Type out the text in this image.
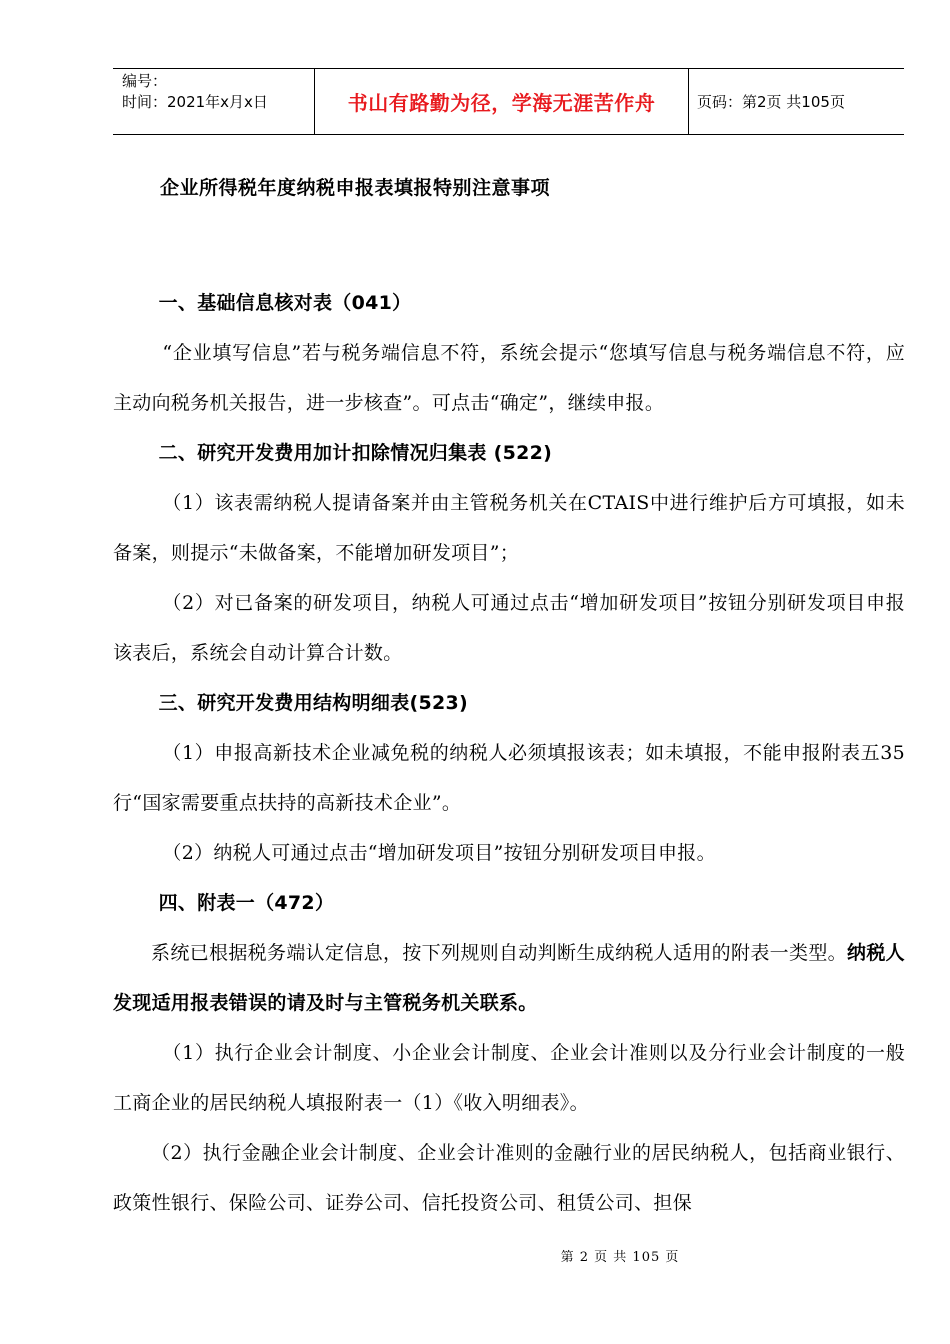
编号：
时间：2021年x月x日	书山有路勤为径，学海无涯苦作舟	页码：第2页 共105页
企业所得税年度纳税申报表填报特别注意事项

一、基础信息核对表（041）

“企业填写信息”若与税务端信息不符，系统会提示“您填写信息与税务端信息不符，应主动向税务机关报告，进一步核查”。可点击“确定”，继续申报。

二、研究开发费用加计扣除情况归集表 (522)

（1）该表需纳税人提请备案并由主管税务机关在CTAIS中进行维护后方可填报，如未备案，则提示“未做备案，不能增加研发项目”；

（2）对已备案的研发项目，纳税人可通过点击“增加研发项目”按钮分别研发项目申报该表后，系统会自动计算合计数。

三、研究开发费用结构明细表(523)

（1）申报高新技术企业减免税的纳税人必须填报该表；如未填报，不能申报附表五35行“国家需要重点扶持的高新技术企业”。

（2）纳税人可通过点击“增加研发项目”按钮分别研发项目申报。

四、附表一（472）

系统已根据税务端认定信息，按下列规则自动判断生成纳税人适用的附表一类型。纳税人发现适用报表错误的请及时与主管税务机关联系。

（1）执行企业会计制度、小企业会计制度、企业会计准则以及分行业会计制度的一般工商企业的居民纳税人填报附表一（1）《收入明细表》。

（2）执行金融企业会计制度、企业会计准则的金融行业的居民纳税人，包括商业银行、政策性银行、保险公司、证券公司、信托投资公司、租赁公司、担保

第 2 页 共 105 页
